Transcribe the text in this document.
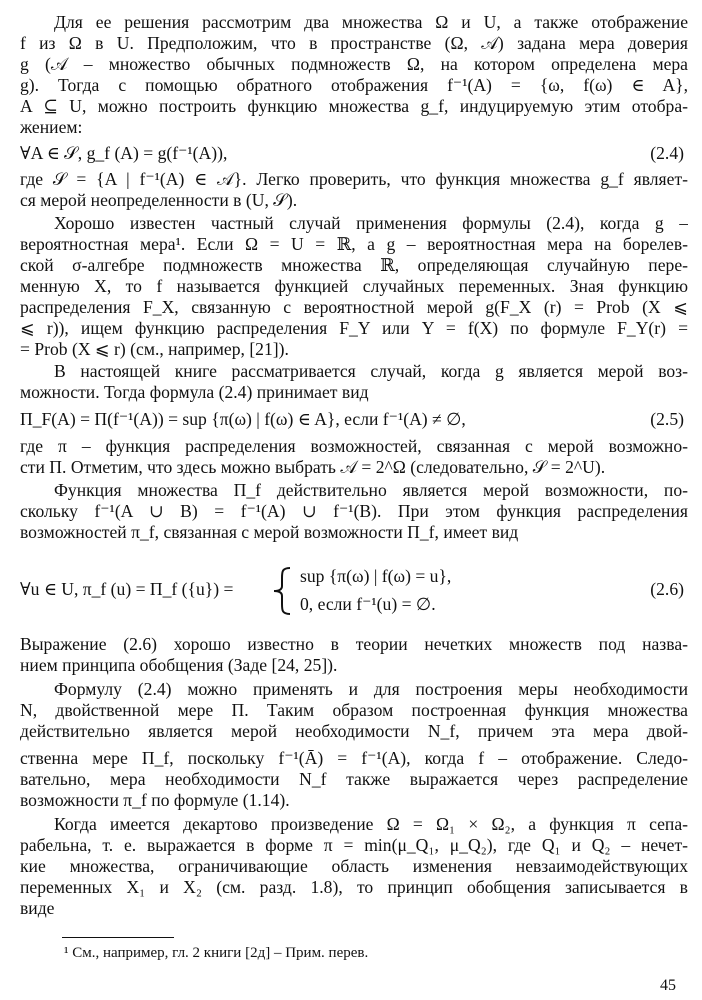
Для ее решения рассмотрим два множества Ω и U, а также отображение
f из Ω в U. Предположим, что в пространстве (Ω, 𝒜) задана мера доверия
g (𝒜 – множество обычных подмножеств Ω, на котором определена мера
g). Тогда с помощью обратного отображения f⁻¹(A) = {ω, f(ω) ∈ A},
A ⊆ U, можно построить функцию множества g_f, индуцируемую этим отобра-
жением:
∀A ∈ 𝒮, g_f (A) = g(f⁻¹(A)),	(2.4)
где 𝒮 = {A | f⁻¹(A) ∈ 𝒜}. Легко проверить, что функция множества g_f являет-
ся мерой неопределенности в (U, 𝒮).
Хорошо известен частный случай применения формулы (2.4), когда g –
вероятностная мера¹. Если Ω = U = ℝ, а g – вероятностная мера на борелев-
ской σ-алгебре подмножеств множества ℝ, определяющая случайную пере-
менную X, то f называется функцией случайных переменных. Зная функцию
распределения F_X, связанную с вероятностной мерой g(F_X (r) = Prob (X ⩽
⩽ r)), ищем функцию распределения F_Y или Y = f(X) по формуле F_Y(r) =
= Prob (X ⩽ r) (см., например, [21]).
В настоящей книге рассматривается случай, когда g является мерой воз-
можности. Тогда формула (2.4) принимает вид
Π_F(A) = Π(f⁻¹(A)) = sup {π(ω) | f(ω) ∈ A}, если f⁻¹(A) ≠ ∅,	(2.5)
где π – функция распределения возможностей, связанная с мерой возможно-
сти Π. Отметим, что здесь можно выбрать 𝒜 = 2^Ω (следовательно, 𝒮 = 2^U).
Функция множества Π_f действительно является мерой возможности, по-
скольку f⁻¹(A ∪ B) = f⁻¹(A) ∪ f⁻¹(B). При этом функция распределения
возможностей π_f, связанная с мерой возможности Π_f, имеет вид
∀u ∈ U, π_f (u) = Π_f ({u}) =
sup {π(ω) | f(ω) = u},
0, если f⁻¹(u) = ∅.
(2.6)
Выражение (2.6) хорошо известно в теории нечетких множеств под назва-
нием принципа обобщения (Заде [24, 25]).
Формулу (2.4) можно применять и для построения меры необходимости
N, двойственной мере Π. Таким образом построенная функция множества
действительно является мерой необходимости N_f, причем эта мера двой-
ственна мере Π_f, поскольку f⁻¹(Ā) = f⁻¹(A), когда f – отображение. Следо-
вательно, мера необходимости N_f также выражается через распределение
возможности π_f по формуле (1.14).
Когда имеется декартово произведение Ω = Ω₁ × Ω₂, а функция π сепа-
рабельна, т. е. выражается в форме π = min(μ_Q₁, μ_Q₂), где Q₁ и Q₂ – нечет-
кие множества, ограничивающие область изменения невзаимодействующих
переменных X₁ и X₂ (см. разд. 1.8), то принцип обобщения записывается в
виде
¹ См., например, гл. 2 книги [2д] – Прим. перев.
45
